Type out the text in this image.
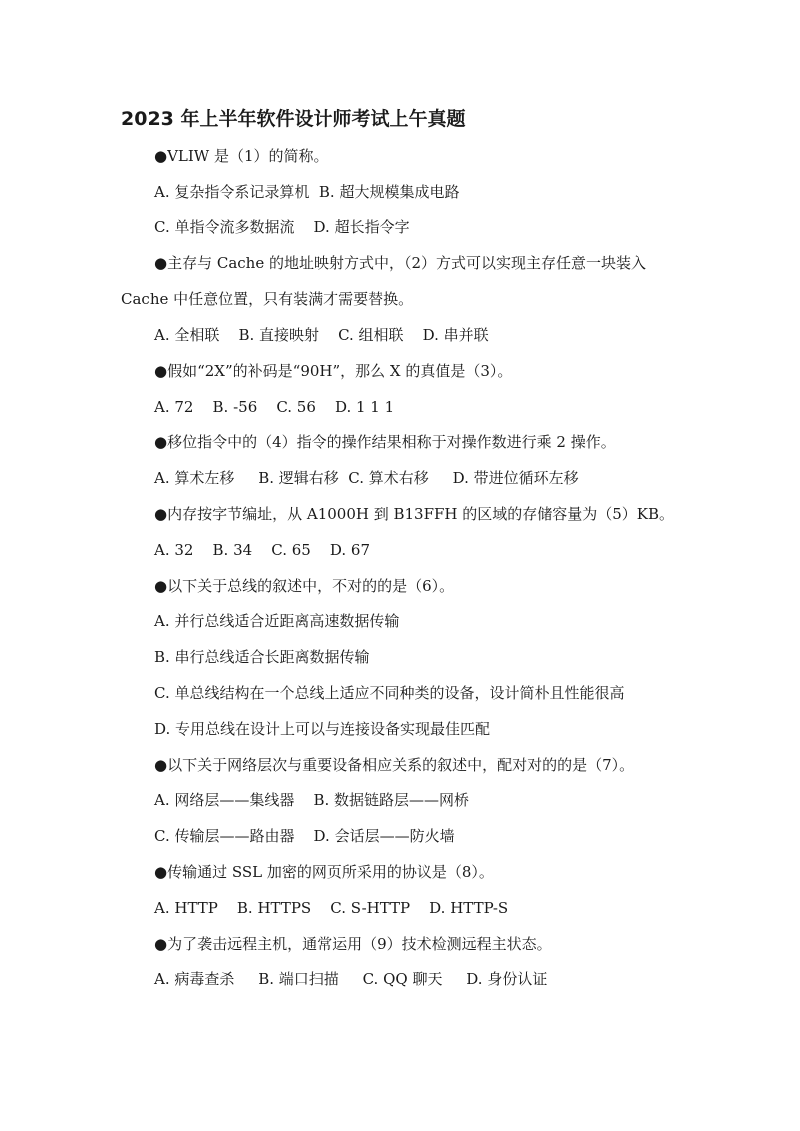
2023 年上半年软件设计师考试上午真题
●VLIW 是（1）的简称。
A. 复杂指令系记录算机  B. 超大规模集成电路
C. 单指令流多数据流    D. 超长指令字
●主存与 Cache 的地址映射方式中，（2）方式可以实现主存任意一块装入
Cache 中任意位置，只有装满才需要替换。
A. 全相联    B. 直接映射    C. 组相联    D. 串并联
●假如“2X”的补码是“90H”，那么 X 的真值是（3）。
A. 72    B. -56    C. 56    D. 1 1 1
●移位指令中的（4）指令的操作结果相称于对操作数进行乘 2 操作。
A. 算术左移     B. 逻辑右移  C. 算术右移     D. 带进位循环左移
●内存按字节编址，从 A1000H 到 B13FFH 的区域的存储容量为（5）KB。
A. 32    B. 34    C. 65    D. 67
●以下关于总线的叙述中，不对的的是（6）。
A. 并行总线适合近距离高速数据传输
B. 串行总线适合长距离数据传输
C. 单总线结构在一个总线上适应不同种类的设备，设计简朴且性能很高
D. 专用总线在设计上可以与连接设备实现最佳匹配
●以下关于网络层次与重要设备相应关系的叙述中，配对对的的是（7）。
A. 网络层——集线器    B. 数据链路层——网桥
C. 传输层——路由器    D. 会话层——防火墙
●传输通过 SSL 加密的网页所采用的协议是（8）。
A. HTTP    B. HTTPS    C. S-HTTP    D. HTTP-S
●为了袭击远程主机，通常运用（9）技术检测远程主状态。
A. 病毒查杀     B. 端口扫描     C. QQ 聊天     D. 身份认证
